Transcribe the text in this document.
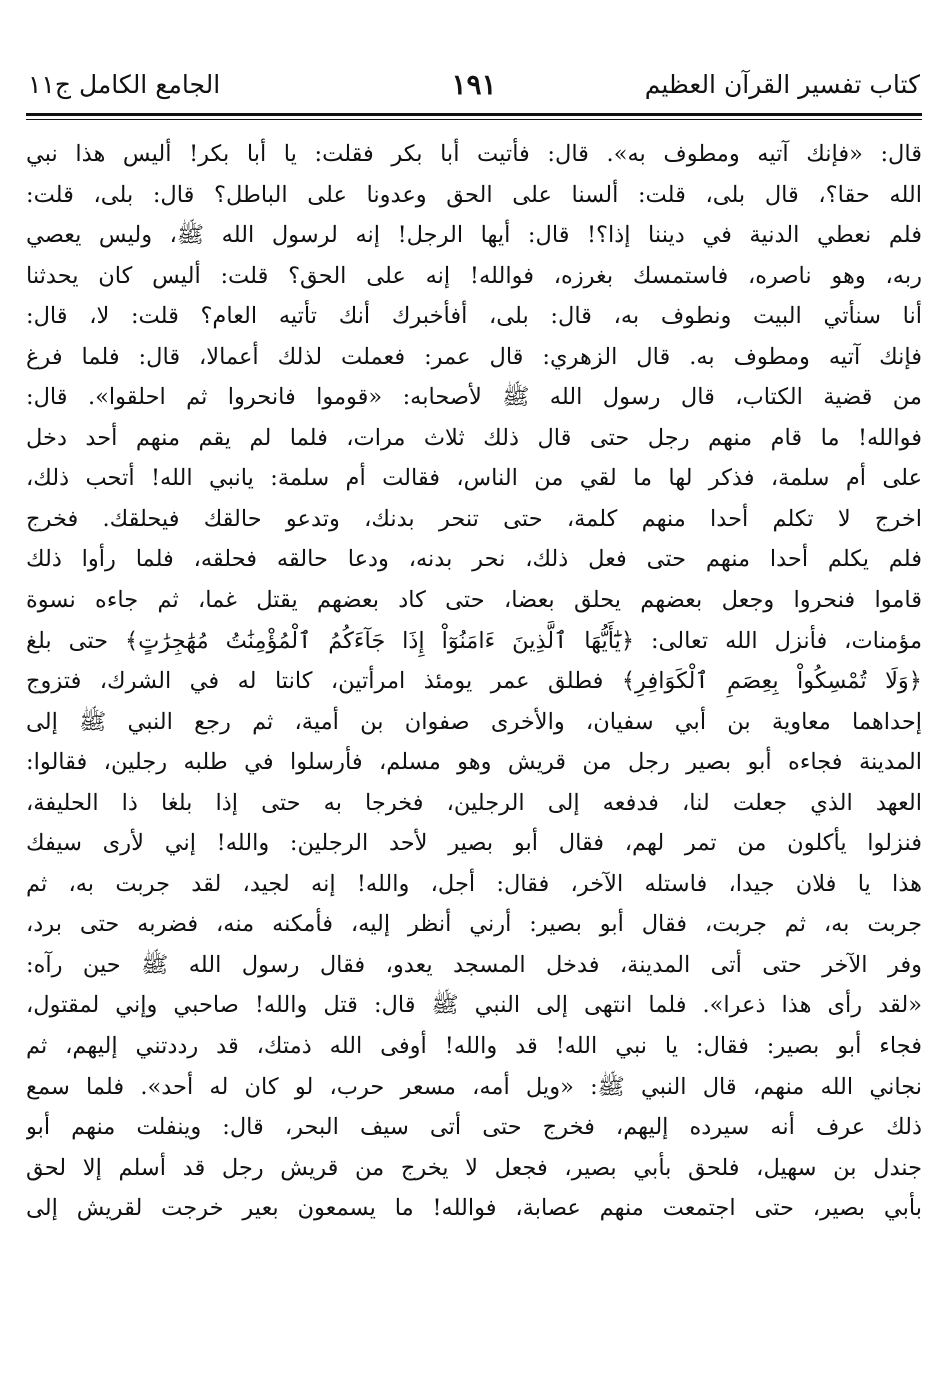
كتاب تفسير القرآن العظيم
١٩١
الجامع الكامل ج١١
قال: «فإنك آتيه ومطوف به». قال: فأتيت أبا بكر فقلت: يا أبا بكر! أليس هذا نبي
الله حقا؟، قال بلى، قلت: ألسنا على الحق وعدونا على الباطل؟ قال: بلى، قلت:
فلم نعطي الدنية في ديننا إذا؟! قال: أيها الرجل! إنه لرسول الله ﷺ، وليس يعصي
ربه، وهو ناصره، فاستمسك بغرزه، فوالله! إنه على الحق؟ قلت: أليس كان يحدثنا
أنا سنأتي البيت ونطوف به، قال: بلى، أفأخبرك أنك تأتيه العام؟ قلت: لا، قال:
فإنك آتيه ومطوف به. قال الزهري: قال عمر: فعملت لذلك أعمالا، قال: فلما فرغ
من قضية الكتاب، قال رسول الله ﷺ لأصحابه: «قوموا فانحروا ثم احلقوا». قال:
فوالله! ما قام منهم رجل حتى قال ذلك ثلاث مرات، فلما لم يقم منهم أحد دخل
على أم سلمة، فذكر لها ما لقي من الناس، فقالت أم سلمة: يانبي الله! أتحب ذلك،
اخرج لا تكلم أحدا منهم كلمة، حتى تنحر بدنك، وتدعو حالقك فيحلقك. فخرج
فلم يكلم أحدا منهم حتى فعل ذلك، نحر بدنه، ودعا حالقه فحلقه، فلما رأوا ذلك
قاموا فنحروا وجعل بعضهم يحلق بعضا، حتى كاد بعضهم يقتل غما، ثم جاءه نسوة
مؤمنات، فأنزل الله تعالى: ﴿يَٰٓأَيُّهَا ٱلَّذِينَ ءَامَنُوٓاْ إِذَا جَآءَكُمُ ٱلْمُؤْمِنَٰتُ مُهَٰجِرَٰتٍ﴾ حتى بلغ
﴿وَلَا تُمْسِكُواْ بِعِصَمِ ٱلْكَوَافِرِ﴾ فطلق عمر يومئذ امرأتين، كانتا له في الشرك، فتزوج
إحداهما معاوية بن أبي سفيان، والأخرى صفوان بن أمية، ثم رجع النبي ﷺ إلى
المدينة فجاءه أبو بصير رجل من قريش وهو مسلم، فأرسلوا في طلبه رجلين، فقالوا:
العهد الذي جعلت لنا، فدفعه إلى الرجلين، فخرجا به حتى إذا بلغا ذا الحليفة،
فنزلوا يأكلون من تمر لهم، فقال أبو بصير لأحد الرجلين: والله! إني لأرى سيفك
هذا يا فلان جيدا، فاستله الآخر، فقال: أجل، والله! إنه لجيد، لقد جربت به، ثم
جربت به، ثم جربت، فقال أبو بصير: أرني أنظر إليه، فأمكنه منه، فضربه حتى برد،
وفر الآخر حتى أتى المدينة، فدخل المسجد يعدو، فقال رسول الله ﷺ حين رآه:
«لقد رأى هذا ذعرا». فلما انتهى إلى النبي ﷺ قال: قتل والله! صاحبي وإني لمقتول،
فجاء أبو بصير: فقال: يا نبي الله! قد والله! أوفى الله ذمتك، قد رددتني إليهم، ثم
نجاني الله منهم، قال النبي ﷺ: «ويل أمه، مسعر حرب، لو كان له أحد». فلما سمع
ذلك عرف أنه سيرده إليهم، فخرج حتى أتى سيف البحر، قال: وينفلت منهم أبو
جندل بن سهيل، فلحق بأبي بصير، فجعل لا يخرج من قريش رجل قد أسلم إلا لحق
بأبي بصير، حتى اجتمعت منهم عصابة، فوالله! ما يسمعون بعير خرجت لقريش إلى
